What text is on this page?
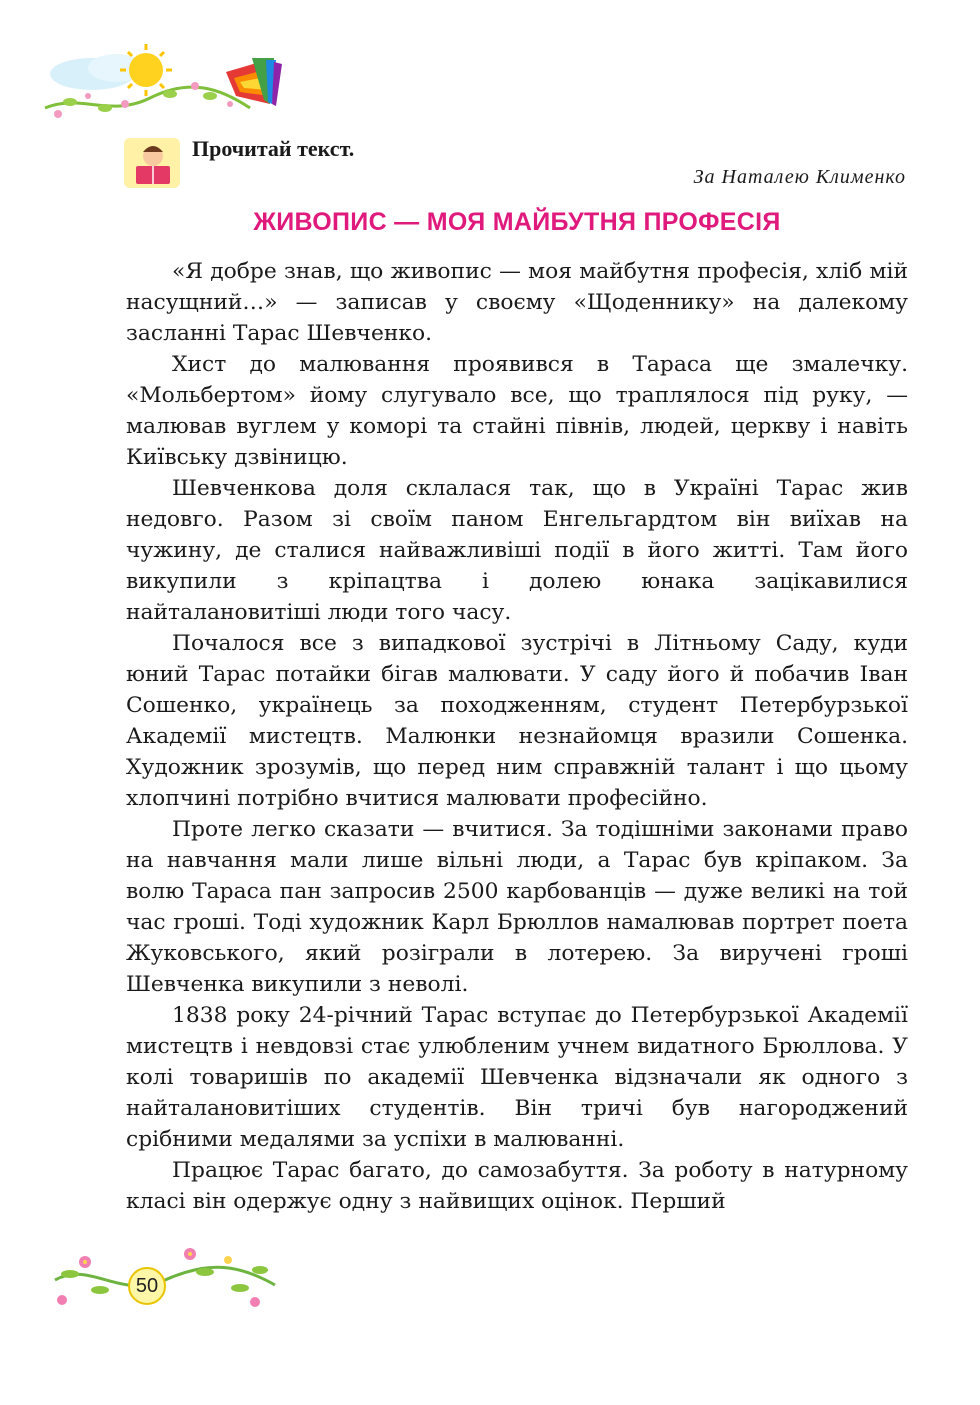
Прочитай текст.
За Наталею Клименко
ЖИВОПИС — МОЯ МАЙБУТНЯ ПРОФЕСІЯ

«Я добре знав, що живопис — моя майбутня професія, хліб мій насущний…» — записав у своєму «Щоденнику» на далекому засланні Тарас Шевченко.

Хист до малювання проявився в Тараса ще змалечку. «Мольбертом» йому слугувало все, що траплялося під руку, — малював вуглем у коморі та стайні півнів, людей, церкву і навіть Київську дзвіницю.

Шевченкова доля склалася так, що в Україні Тарас жив недовго. Разом зі своїм паном Енгельгардтом він виїхав на чужину, де сталися найважливіші події в його житті. Там його викупили з кріпацтва і долею юнака зацікавилися найталановитіші люди того часу.

Почалося все з випадкової зустрічі в Літньому Саду, куди юний Тарас потайки бігав малювати. У саду його й побачив Іван Сошенко, українець за походженням, студент Петербурзької Академії мистецтв. Малюнки незнайомця вразили Сошенка. Художник зрозумів, що перед ним справжній талант і що цьому хлопчині потрібно вчитися малювати професійно.

Проте легко сказати — вчитися. За тодішніми законами право на навчання мали лише вільні люди, а Тарас був кріпаком. За волю Тараса пан запросив 2500 карбованців — дуже великі на той час гроші. Тоді художник Карл Брюллов намалював портрет поета Жуковського, який розіграли в лотерею. За виручені гроші Шевченка викупили з неволі.

1838 року 24-річний Тарас вступає до Петербурзької Академії мистецтв і невдовзі стає улюбленим учнем видатного Брюллова. У колі товаришів по академії Шевченка відзначали як одного з найталановитіших студентів. Він тричі був нагороджений срібними медалями за успіхи в малюванні.

Працює Тарас багато, до самозабуття. За роботу в натурному класі він одержує одну з найвищих оцінок. Перший

50
